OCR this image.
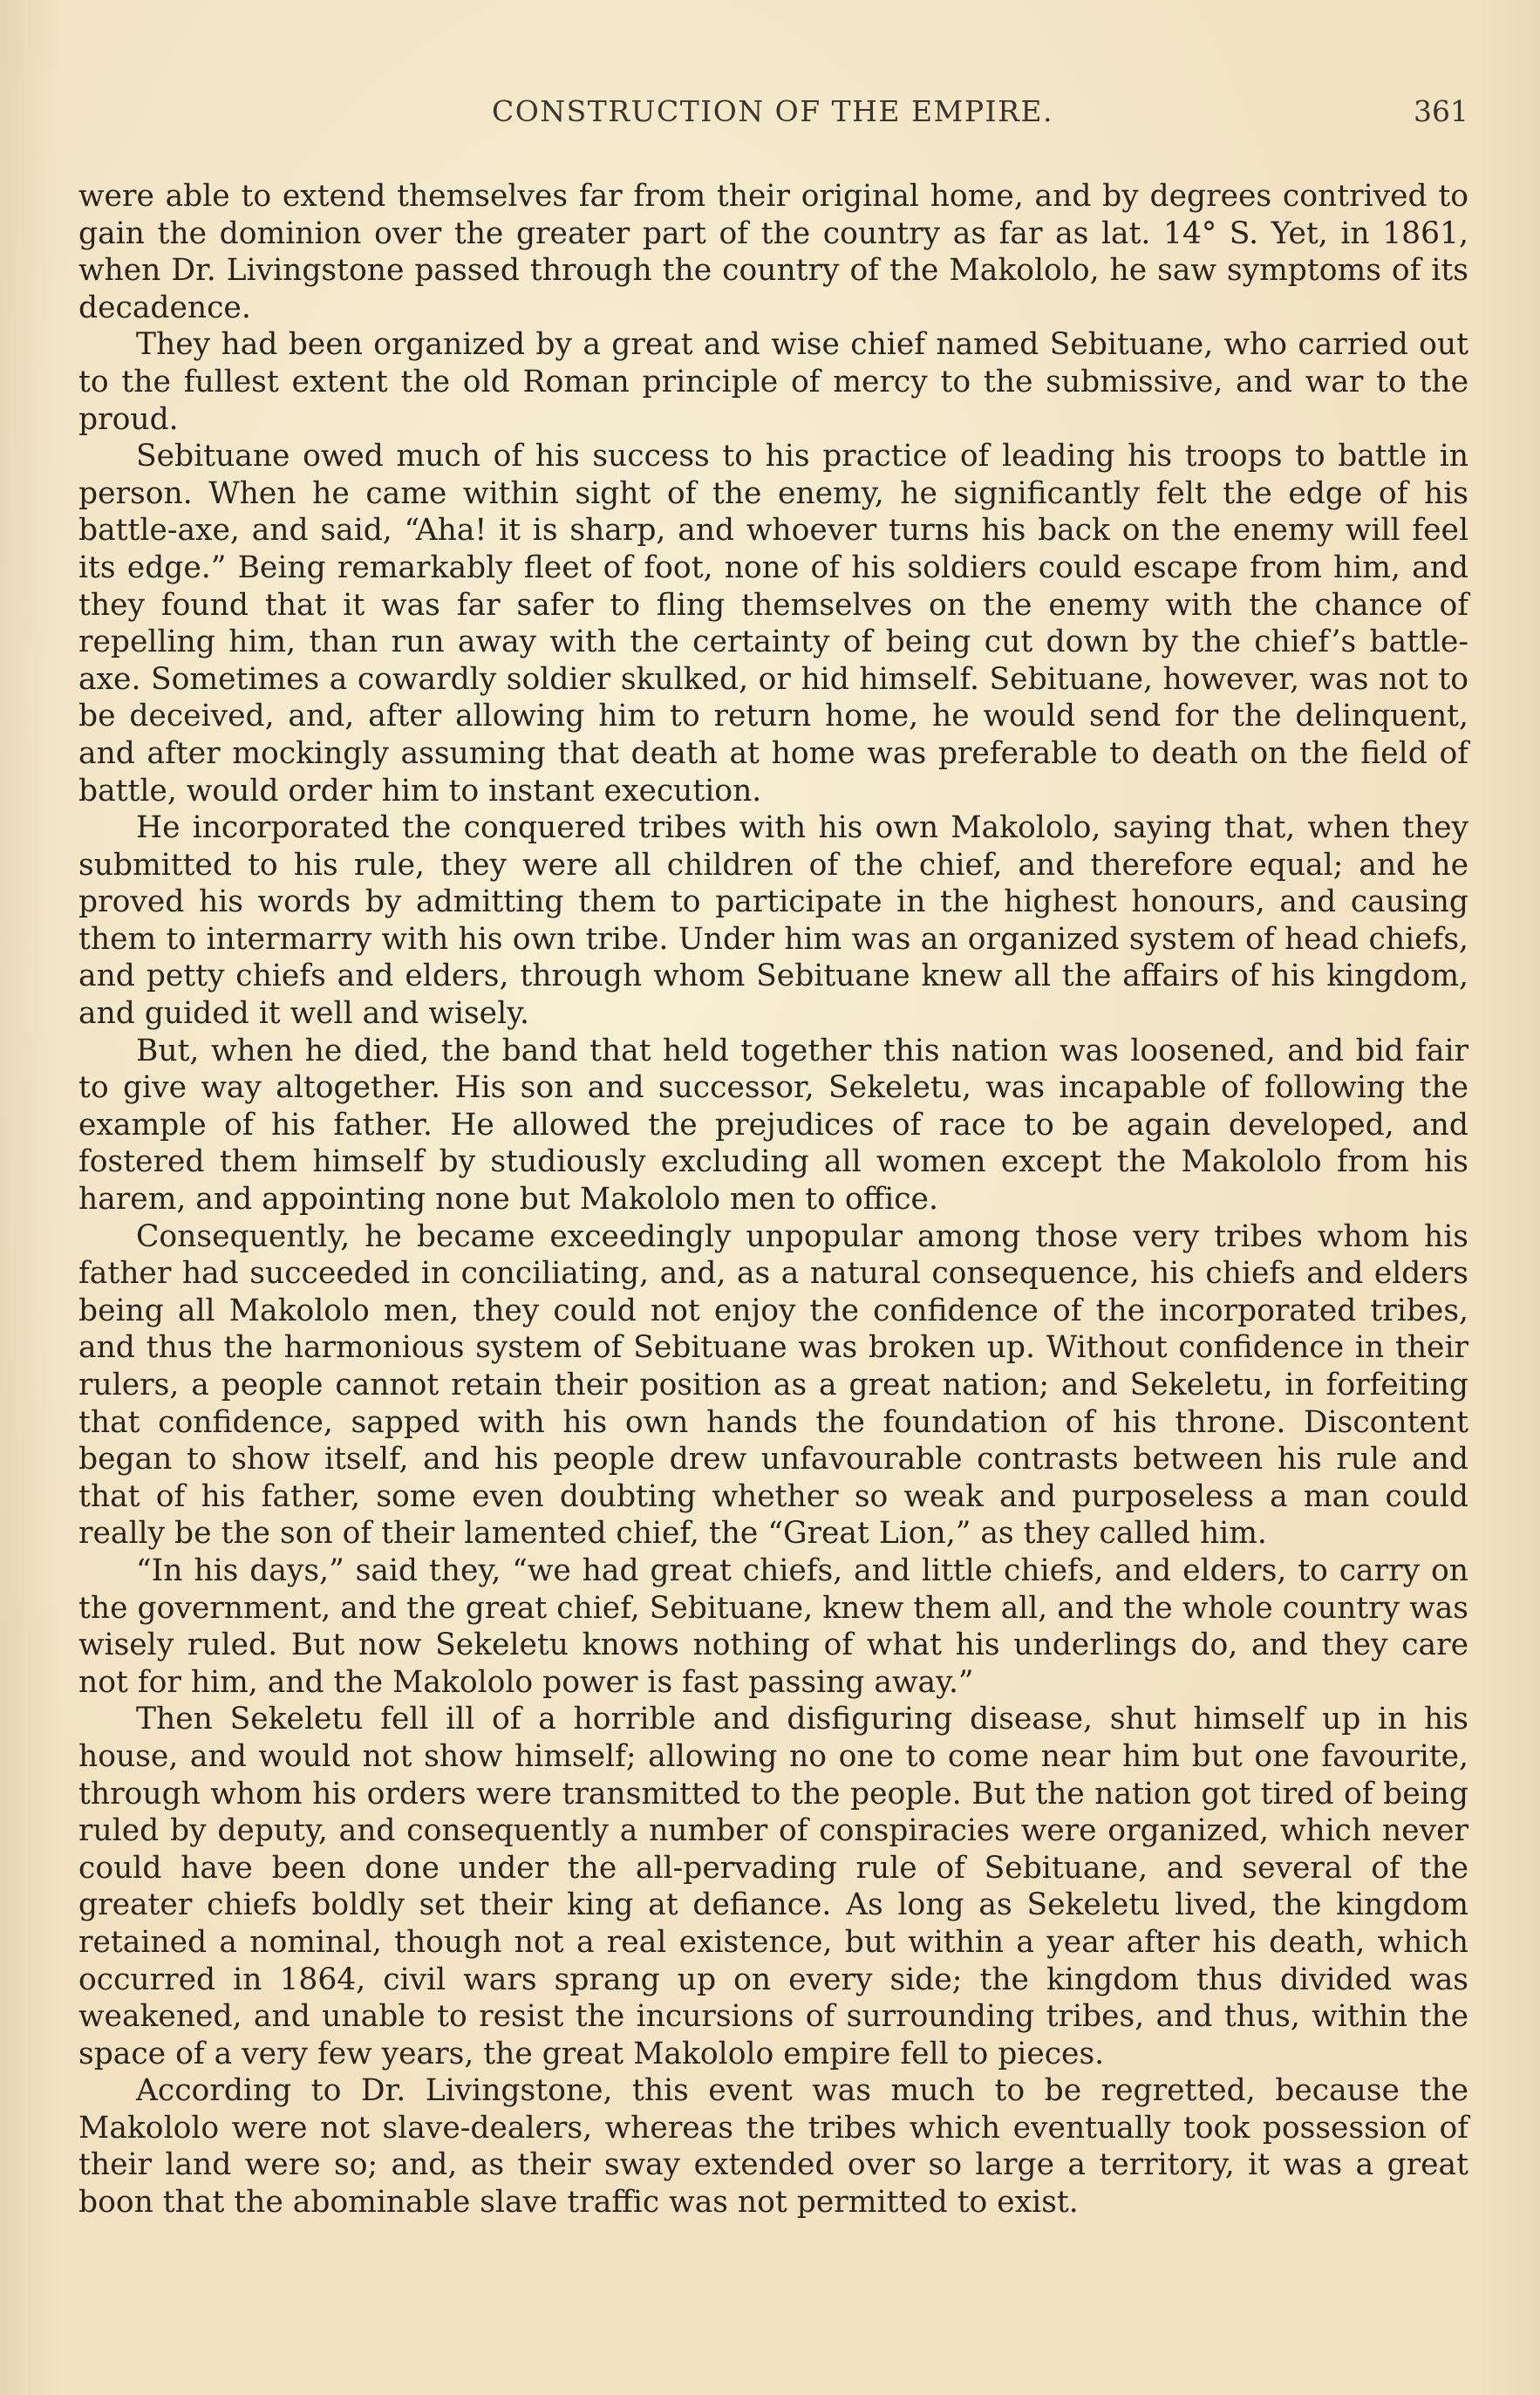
CONSTRUCTION OF THE EMPIRE.	361

were able to extend themselves far from their original home, and by degrees contrived to gain the dominion over the greater part of the country as far as lat. 14° S. Yet, in 1861, when Dr. Livingstone passed through the country of the Makololo, he saw symptoms of its decadence.

They had been organized by a great and wise chief named Sebituane, who carried out to the fullest extent the old Roman principle of mercy to the submissive, and war to the proud.

Sebituane owed much of his success to his practice of leading his troops to battle in person. When he came within sight of the enemy, he significantly felt the edge of his battle-axe, and said, “Aha! it is sharp, and whoever turns his back on the enemy will feel its edge.” Being remarkably fleet of foot, none of his soldiers could escape from him, and they found that it was far safer to fling themselves on the enemy with the chance of repelling him, than run away with the certainty of being cut down by the chief’s battle-axe. Sometimes a cowardly soldier skulked, or hid himself. Sebituane, however, was not to be deceived, and, after allowing him to return home, he would send for the delinquent, and after mockingly assuming that death at home was preferable to death on the field of battle, would order him to instant execution.

He incorporated the conquered tribes with his own Makololo, saying that, when they submitted to his rule, they were all children of the chief, and therefore equal; and he proved his words by admitting them to participate in the highest honours, and causing them to intermarry with his own tribe. Under him was an organized system of head chiefs, and petty chiefs and elders, through whom Sebituane knew all the affairs of his kingdom, and guided it well and wisely.

But, when he died, the band that held together this nation was loosened, and bid fair to give way altogether. His son and successor, Sekeletu, was incapable of following the example of his father. He allowed the prejudices of race to be again developed, and fostered them himself by studiously excluding all women except the Makololo from his harem, and appointing none but Makololo men to office.

Consequently, he became exceedingly unpopular among those very tribes whom his father had succeeded in conciliating, and, as a natural consequence, his chiefs and elders being all Makololo men, they could not enjoy the confidence of the incorporated tribes, and thus the harmonious system of Sebituane was broken up. Without confidence in their rulers, a people cannot retain their position as a great nation; and Sekeletu, in forfeiting that confidence, sapped with his own hands the foundation of his throne. Discontent began to show itself, and his people drew unfavourable contrasts between his rule and that of his father, some even doubting whether so weak and purposeless a man could really be the son of their lamented chief, the “Great Lion,” as they called him.

“In his days,” said they, “we had great chiefs, and little chiefs, and elders, to carry on the government, and the great chief, Sebituane, knew them all, and the whole country was wisely ruled. But now Sekeletu knows nothing of what his underlings do, and they care not for him, and the Makololo power is fast passing away.”

Then Sekeletu fell ill of a horrible and disfiguring disease, shut himself up in his house, and would not show himself; allowing no one to come near him but one favourite, through whom his orders were transmitted to the people. But the nation got tired of being ruled by deputy, and consequently a number of conspiracies were organized, which never could have been done under the all-pervading rule of Sebituane, and several of the greater chiefs boldly set their king at defiance. As long as Sekeletu lived, the kingdom retained a nominal, though not a real existence, but within a year after his death, which occurred in 1864, civil wars sprang up on every side; the kingdom thus divided was weakened, and unable to resist the incursions of surrounding tribes, and thus, within the space of a very few years, the great Makololo empire fell to pieces.

According to Dr. Livingstone, this event was much to be regretted, because the Makololo were not slave-dealers, whereas the tribes which eventually took possession of their land were so; and, as their sway extended over so large a territory, it was a great boon that the abominable slave traffic was not permitted to exist.
